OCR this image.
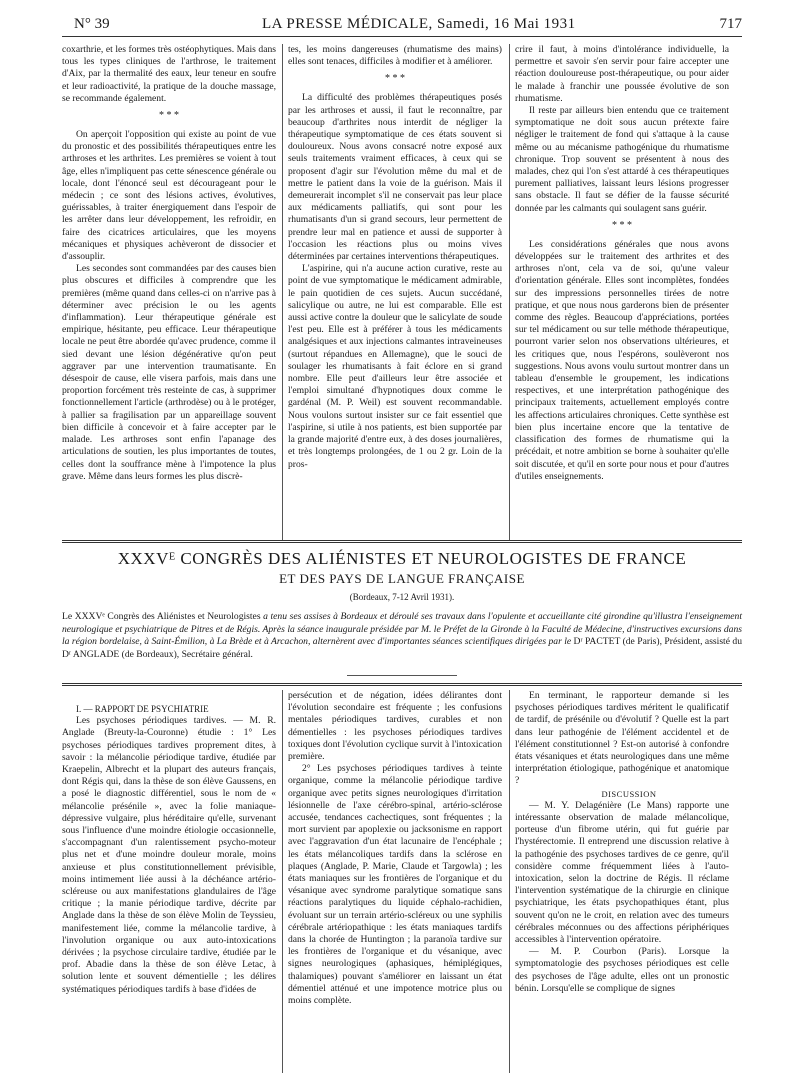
N° 39	LA PRESSE MÉDICALE, Samedi, 16 Mai 1931	717

coxarthrie, et les formes très ostéophytiques. Mais dans tous les types cliniques de l'arthrose, le traitement d'Aix, par la thermalité des eaux, leur teneur en soufre et leur radioactivité, la pratique de la douche massage, se recommande également.

* * *

On aperçoit l'opposition qui existe au point de vue du pronostic et des possibilités thérapeutiques entre les arthroses et les arthrites. Les premières se voient à tout âge, elles n'impliquent pas cette sénescence générale ou locale, dont l'énoncé seul est décourageant pour le médecin ; ce sont des lésions actives, évolutives, guérissables, à traiter énergiquement dans l'espoir de les arrêter dans leur développement, les refroidir, en faire des cicatrices articulaires, que les moyens mécaniques et physiques achèveront de dissocier et d'assouplir.

Les secondes sont commandées par des causes bien plus obscures et difficiles à comprendre que les premières (même quand dans celles-ci on n'arrive pas à déterminer avec précision le ou les agents d'inflammation). Leur thérapeutique générale est empirique, hésitante, peu efficace. Leur thérapeutique locale ne peut être abordée qu'avec prudence, comme il sied devant une lésion dégénérative qu'on peut aggraver par une intervention traumatisante. En désespoir de cause, elle visera parfois, mais dans une proportion forcément très resteinte de cas, à supprimer fonctionnellement l'article (arthrodèse) ou à le protéger, à pallier sa fragilisation par un appareillage souvent bien difficile à concevoir et à faire accepter par le malade. Les arthroses sont enfin l'apanage des articulations de soutien, les plus importantes de toutes, celles dont la souffrance mène à l'impotence la plus grave. Même dans leurs formes les plus discrè-

tes, les moins dangereuses (rhumatisme des mains) elles sont tenaces, difficiles à modifier et à améliorer.

* * *

La difficulté des problèmes thérapeutiques posés par les arthroses et aussi, il faut le reconnaître, par beaucoup d'arthrites nous interdit de négliger la thérapeutique symptomatique de ces états souvent si douloureux. Nous avons consacré notre exposé aux seuls traitements vraiment efficaces, à ceux qui se proposent d'agir sur l'évolution même du mal et de mettre le patient dans la voie de la guérison. Mais il demeurerait incomplet s'il ne conservait pas leur place aux médicaments palliatifs, qui sont pour les rhumatisants d'un si grand secours, leur permettent de prendre leur mal en patience et aussi de supporter à l'occasion les réactions plus ou moins vives déterminées par certaines interventions thérapeutiques.

L'aspirine, qui n'a aucune action curative, reste au point de vue symptomatique le médicament admirable, le pain quotidien de ces sujets. Aucun succédané, salicylique ou autre, ne lui est comparable. Elle est aussi active contre la douleur que le salicylate de soude l'est peu. Elle est à préférer à tous les médicaments analgésiques et aux injections calmantes intraveineuses (surtout répandues en Allemagne), que le souci de soulager les rhumatisants à fait éclore en si grand nombre. Elle peut d'ailleurs leur être associée et l'emploi simultané d'hypnotiques doux comme le gardénal (M. P. Weil) est souvent recommandable. Nous voulons surtout insister sur ce fait essentiel que l'aspirine, si utile à nos patients, est bien supportée par la grande majorité d'entre eux, à des doses journalières, et très longtemps prolongées, de 1 ou 2 gr. Loin de la pros-

crire il faut, à moins d'intolérance individuelle, la permettre et savoir s'en servir pour faire accepter une réaction douloureuse post-thérapeutique, ou pour aider le malade à franchir une poussée évolutive de son rhumatisme.

Il reste par ailleurs bien entendu que ce traitement symptomatique ne doit sous aucun prétexte faire négliger le traitement de fond qui s'attaque à la cause même ou au mécanisme pathogénique du rhumatisme chronique. Trop souvent se présentent à nous des malades, chez qui l'on s'est attardé à ces thérapeutiques purement palliatives, laissant leurs lésions progresser sans obstacle. Il faut se défier de la fausse sécurité donnée par les calmants qui soulagent sans guérir.

* * *

Les considérations générales que nous avons développées sur le traitement des arthrites et des arthroses n'ont, cela va de soi, qu'une valeur d'orientation générale. Elles sont incomplètes, fondées sur des impressions personnelles tirées de notre pratique, et que nous nous garderons bien de présenter comme des règles. Beaucoup d'appréciations, portées sur tel médicament ou sur telle méthode thérapeutique, pourront varier selon nos observations ultérieures, et les critiques que, nous l'espérons, soulèveront nos suggestions. Nous avons voulu surtout montrer dans un tableau d'ensemble le groupement, les indications respectives, et une interprétation pathogénique des principaux traitements, actuellement employés contre les affections articulaires chroniques. Cette synthèse est bien plus incertaine encore que la tentative de classification des formes de rhumatisme qui la précédait, et notre ambition se borne à souhaiter qu'elle soit discutée, et qu'il en sorte pour nous et pour d'autres d'utiles enseignements.

XXXVᴱ CONGRÈS DES ALIÉNISTES ET NEUROLOGISTES DE FRANCE
ET DES PAYS DE LANGUE FRANÇAISE
(Bordeaux, 7-12 Avril 1931).
Le XXXVᵉ Congrès des Aliénistes et Neurologistes a tenu ses assises à Bordeaux et déroulé ses travaux dans l'opulente et accueillante cité girondine qu'illustra l'enseignement neurologique et psychiatrique de Pitres et de Régis. Après la séance inaugurale présidée par M. le Préfet de la Gironde à la Faculté de Médecine, d'instructives excursions dans la région bordelaise, à Saint-Émilion, à La Brède et à Arcachon, alternèrent avec d'importantes séances scientifiques dirigées par le Dʳ PACTET (de Paris), Président, assisté du Dʳ ANGLADE (de Bordeaux), Secrétaire général.

I. — RAPPORT DE PSYCHIATRIE

Les psychoses périodiques tardives. — M. R. Anglade (Breuty-la-Couronne) étudie : 1° Les psychoses périodiques tardives proprement dites, à savoir : la mélancolie périodique tardive, étudiée par Kraepelin, Albrecht et la plupart des auteurs français, dont Régis qui, dans la thèse de son élève Gaussens, en a posé le diagnostic différentiel, sous le nom de « mélancolie présénile », avec la folie maniaque-dépressive vulgaire, plus héréditaire qu'elle, survenant sous l'influence d'une moindre étiologie occasionnelle, s'accompagnant d'un ralentissement psycho-moteur plus net et d'une moindre douleur morale, moins anxieuse et plus constitutionnellement prévisible, moins intimement liée aussi à la déchéance artério-scléreuse ou aux manifestations glandulaires de l'âge critique ; la manie périodique tardive, décrite par Anglade dans la thèse de son élève Molin de Teyssieu, manifestement liée, comme la mélancolie tardive, à l'involution organique ou aux auto-intoxications dérivées ; la psychose circulaire tardive, étudiée par le prof. Abadie dans la thèse de son élève Letac, à solution lente et souvent démentielle ; les délires systématiques périodiques tardifs à base d'idées de

persécution et de négation, idées délirantes dont l'évolution secondaire est fréquente ; les confusions mentales périodiques tardives, curables et non démentielles : les psychoses périodiques tardives toxiques dont l'évolution cyclique survit à l'intoxication première.

2° Les psychoses périodiques tardives à teinte organique, comme la mélancolie périodique tardive organique avec petits signes neurologiques d'irritation lésionnelle de l'axe cérébro-spinal, artério-sclérose accusée, tendances cachectiques, sont fréquentes ; la mort survient par apoplexie ou jacksonisme en rapport avec l'aggravation d'un état lacunaire de l'encéphale ; les états mélancoliques tardifs dans la sclérose en plaques (Anglade, P. Marie, Claude et Targowla) ; les états maniaques sur les frontières de l'organique et du vésanique avec syndrome paralytique somatique sans réactions paralytiques du liquide céphalo-rachidien, évoluant sur un terrain artério-scléreux ou une syphilis cérébrale artériopathique : les états maniaques tardifs dans la chorée de Huntington ; la paranoïa tardive sur les frontières de l'organique et du vésanique, avec signes neurologiques (aphasiques, hémiplégiques, thalamiques) pouvant s'améliorer en laissant un état démentiel atténué et une impotence motrice plus ou moins complète.

En terminant, le rapporteur demande si les psychoses périodiques tardives méritent le qualificatif de tardif, de présénile ou d'évolutif ? Quelle est la part dans leur pathogénie de l'élément accidentel et de l'élément constitutionnel ? Est-on autorisé à confondre états vésaniques et états neurologiques dans une même interprétation étiologique, pathogénique et anatomique ?

DISCUSSION

— M. Y. Delagénière (Le Mans) rapporte une intéressante observation de malade mélancolique, porteuse d'un fibrome utérin, qui fut guérie par l'hystérectomie. Il entreprend une discussion relative à la pathogénie des psychoses tardives de ce genre, qu'il considère comme fréquemment liées à l'auto-intoxication, selon la doctrine de Régis. Il réclame l'intervention systématique de la chirurgie en clinique psychiatrique, les états psychopathiques étant, plus souvent qu'on ne le croit, en relation avec des tumeurs cérébrales méconnues ou des affections périphériques accessibles à l'intervention opératoire.

— M. P. Courbon (Paris). Lorsque la symptomatologie des psychoses périodiques est celle des psychoses de l'âge adulte, elles ont un pronostic bénin. Lorsqu'elle se complique de signes
